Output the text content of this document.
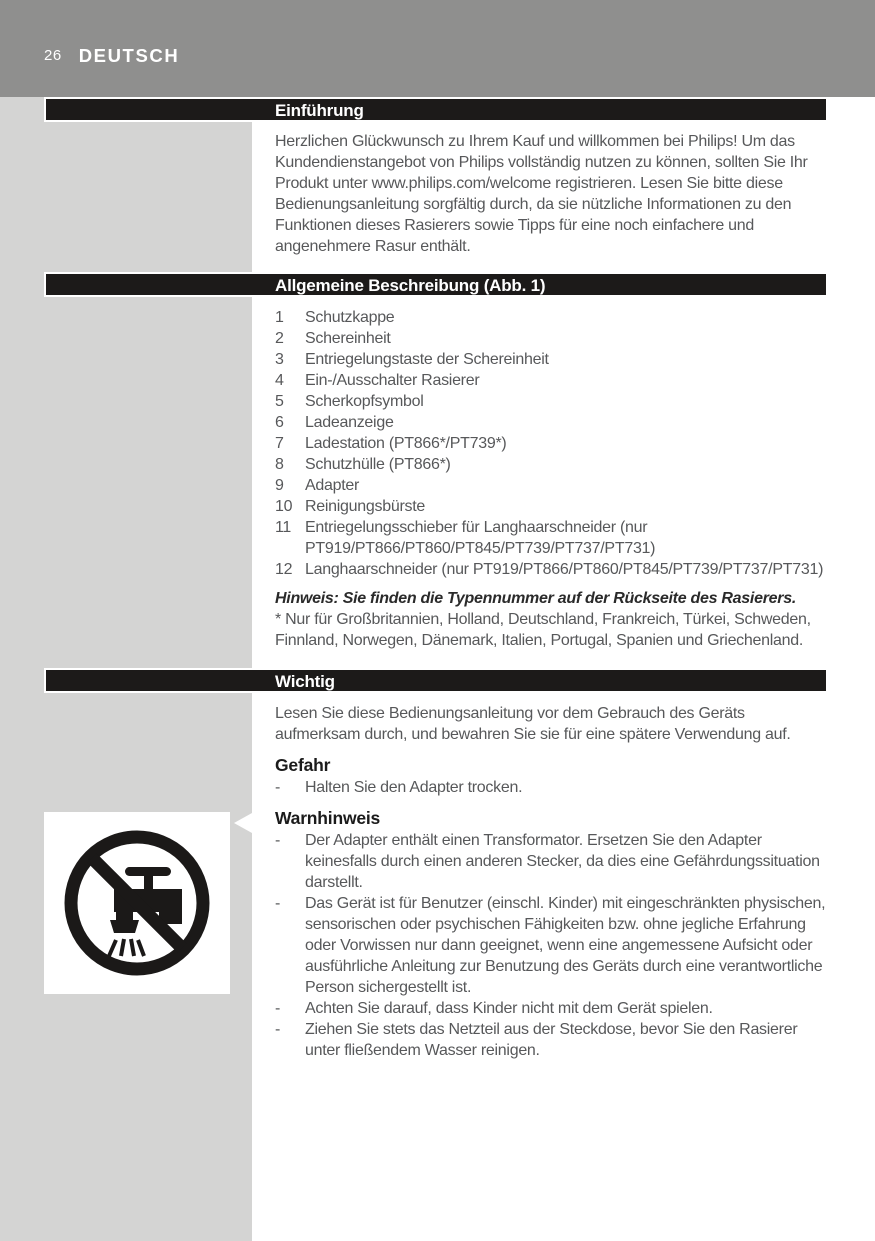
26 DEUTSCH
Einführung

Herzlichen Glückwunsch zu Ihrem Kauf und willkommen bei Philips! Um das Kundendienstangebot von Philips vollständig nutzen zu können, sollten Sie Ihr Produkt unter www.philips.com/welcome registrieren. Lesen Sie bitte diese Bedienungsanleitung sorgfältig durch, da sie nützliche Informationen zu den Funktionen dieses Rasierers sowie Tipps für eine noch einfachere und angenehmere Rasur enthält.

Allgemeine Beschreibung (Abb. 1)
1	Schutzkappe
2	Schereinheit
3	Entriegelungstaste der Schereinheit
4	Ein-/Ausschalter Rasierer
5	Scherkopfsymbol
6	Ladeanzeige
7	Ladestation (PT866*/PT739*)
8	Schutzhülle (PT866*)
9	Adapter
10 Reinigungsbürste
11 Entriegelungsschieber für Langhaarschneider (nur PT919/PT866/PT860/PT845/PT739/PT737/PT731)
12 Langhaarschneider (nur PT919/PT866/PT860/PT845/PT739/PT737/PT731)

Hinweis: Sie finden die Typennummer auf der Rückseite des Rasierers.

* Nur für Großbritannien, Holland, Deutschland, Frankreich, Türkei, Schweden, Finnland, Norwegen, Dänemark, Italien, Portugal, Spanien und Griechenland.

Wichtig

Lesen Sie diese Bedienungsanleitung vor dem Gebrauch des Geräts aufmerksam durch, und bewahren Sie sie für eine spätere Verwendung auf.

Gefahr
-
Halten Sie den Adapter trocken.
Warnhinweis
-
Der Adapter enthält einen Transformator. Ersetzen Sie den Adapter keinesfalls durch einen anderen Stecker, da dies eine Gefährdungssituation darstellt.
-
Das Gerät ist für Benutzer (einschl. Kinder) mit eingeschränkten physischen, sensorischen oder psychischen Fähigkeiten bzw. ohne jegliche Erfahrung oder Vorwissen nur dann geeignet, wenn eine angemessene Aufsicht oder ausführliche Anleitung zur Benutzung des Geräts durch eine verantwortliche Person sichergestellt ist.
-
Achten Sie darauf, dass Kinder nicht mit dem Gerät spielen.
-
Ziehen Sie stets das Netzteil aus der Steckdose, bevor Sie den Rasierer unter fließendem Wasser reinigen.
